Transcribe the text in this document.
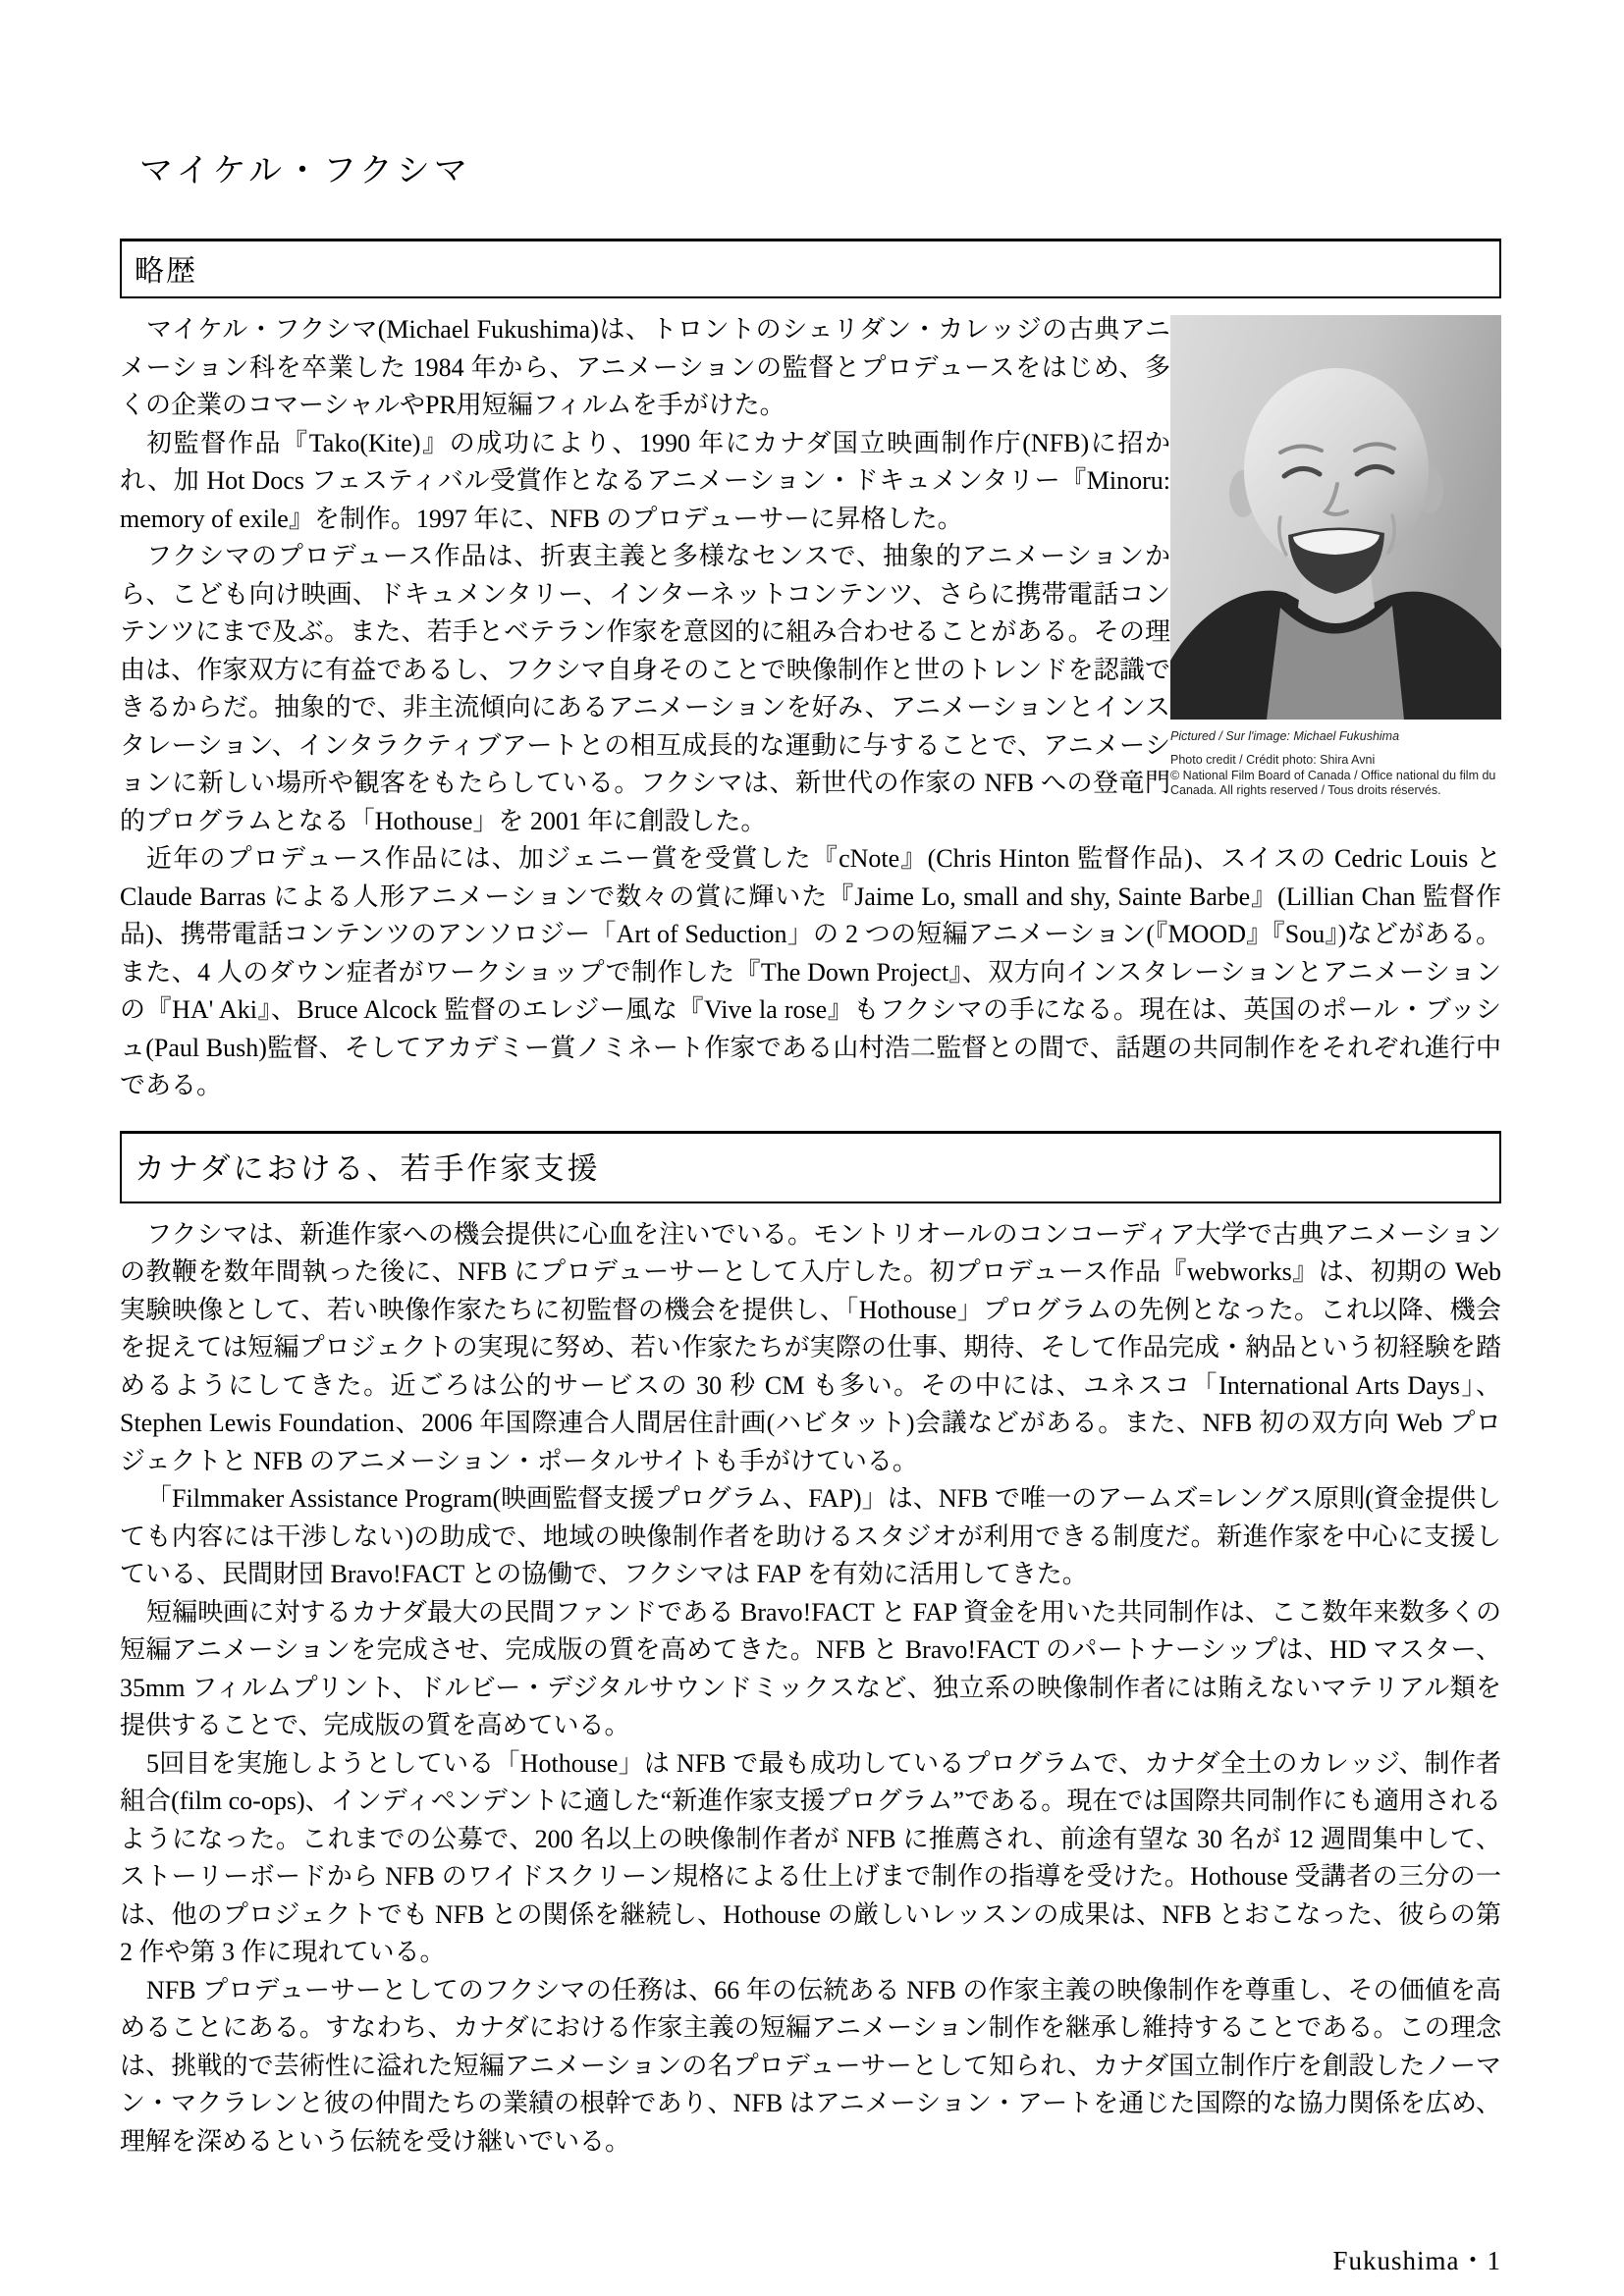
マイケル・フクシマ
略歴
Pictured / Sur l'image: Michael Fukushima
Photo credit / Crédit photo: Shira Avni
© National Film Board of Canada / Office national du film du Canada. All rights reserved / Tous droits réservés.

マイケル・フクシマ(Michael Fukushima)は、トロントのシェリダン・カレッジの古典アニメーション科を卒業した 1984 年から、アニメーションの監督とプロデュースをはじめ、多くの企業のコマーシャルやPR用短編フィルムを手がけた。

初監督作品『Tako(Kite)』の成功により、1990 年にカナダ国立映画制作庁(NFB)に招かれ、加 Hot Docs フェスティバル受賞作となるアニメーション・ドキュメンタリー『Minoru: memory of exile』を制作。1997 年に、NFB のプロデューサーに昇格した。

フクシマのプロデュース作品は、折衷主義と多様なセンスで、抽象的アニメーションから、こども向け映画、ドキュメンタリー、インターネットコンテンツ、さらに携帯電話コンテンツにまで及ぶ。また、若手とベテラン作家を意図的に組み合わせることがある。その理由は、作家双方に有益であるし、フクシマ自身そのことで映像制作と世のトレンドを認識できるからだ。抽象的で、非主流傾向にあるアニメーションを好み、アニメーションとインスタレーション、インタラクティブアートとの相互成長的な運動に与することで、アニメーションに新しい場所や観客をもたらしている。フクシマは、新世代の作家の NFB への登竜門的プログラムとなる「Hothouse」を 2001 年に創設した。

近年のプロデュース作品には、加ジェニー賞を受賞した『cNote』(Chris Hinton 監督作品)、スイスの Cedric Louis と Claude Barras による人形アニメーションで数々の賞に輝いた『Jaime Lo, small and shy, Sainte Barbe』(Lillian Chan 監督作品)、携帯電話コンテンツのアンソロジー「Art of Seduction」の 2 つの短編アニメーション(『MOOD』『Sou』)などがある。また、4 人のダウン症者がワークショップで制作した『The Down Project』、双方向インスタレーションとアニメーションの『HA' Aki』、Bruce Alcock 監督のエレジー風な『Vive la rose』もフクシマの手になる。現在は、英国のポール・ブッシュ(Paul Bush)監督、そしてアカデミー賞ノミネート作家である山村浩二監督との間で、話題の共同制作をそれぞれ進行中である。

カナダにおける、若手作家支援

フクシマは、新進作家への機会提供に心血を注いでいる。モントリオールのコンコーディア大学で古典アニメーションの教鞭を数年間執った後に、NFB にプロデューサーとして入庁した。初プロデュース作品『webworks』は、初期の Web 実験映像として、若い映像作家たちに初監督の機会を提供し、「Hothouse」プログラムの先例となった。これ以降、機会を捉えては短編プロジェクトの実現に努め、若い作家たちが実際の仕事、期待、そして作品完成・納品という初経験を踏めるようにしてきた。近ごろは公的サービスの 30 秒 CM も多い。その中には、ユネスコ「International Arts Days」、Stephen Lewis Foundation、2006 年国際連合人間居住計画(ハビタット)会議などがある。また、NFB 初の双方向 Web プロジェクトと NFB のアニメーション・ポータルサイトも手がけている。

「Filmmaker Assistance Program(映画監督支援プログラム、FAP)」は、NFB で唯一のアームズ=レングス原則(資金提供しても内容には干渉しない)の助成で、地域の映像制作者を助けるスタジオが利用できる制度だ。新進作家を中心に支援している、民間財団 Bravo!FACT との協働で、フクシマは FAP を有効に活用してきた。

短編映画に対するカナダ最大の民間ファンドである Bravo!FACT と FAP 資金を用いた共同制作は、ここ数年来数多くの短編アニメーションを完成させ、完成版の質を高めてきた。NFB と Bravo!FACT のパートナーシップは、HD マスター、35mm フィルムプリント、ドルビー・デジタルサウンドミックスなど、独立系の映像制作者には賄えないマテリアル類を提供することで、完成版の質を高めている。

5回目を実施しようとしている「Hothouse」は NFB で最も成功しているプログラムで、カナダ全土のカレッジ、制作者組合(film co-ops)、インディペンデントに適した“新進作家支援プログラム”である。現在では国際共同制作にも適用されるようになった。これまでの公募で、200 名以上の映像制作者が NFB に推薦され、前途有望な 30 名が 12 週間集中して、ストーリーボードから NFB のワイドスクリーン規格による仕上げまで制作の指導を受けた。Hothouse 受講者の三分の一は、他のプロジェクトでも NFB との関係を継続し、Hothouse の厳しいレッスンの成果は、NFB とおこなった、彼らの第 2 作や第 3 作に現れている。

NFB プロデューサーとしてのフクシマの任務は、66 年の伝統ある NFB の作家主義の映像制作を尊重し、その価値を高めることにある。すなわち、カナダにおける作家主義の短編アニメーション制作を継承し維持することである。この理念は、挑戦的で芸術性に溢れた短編アニメーションの名プロデューサーとして知られ、カナダ国立制作庁を創設したノーマン・マクラレンと彼の仲間たちの業績の根幹であり、NFB はアニメーション・アートを通じた国際的な協力関係を広め、理解を深めるという伝統を受け継いでいる。

Fukushima・1
